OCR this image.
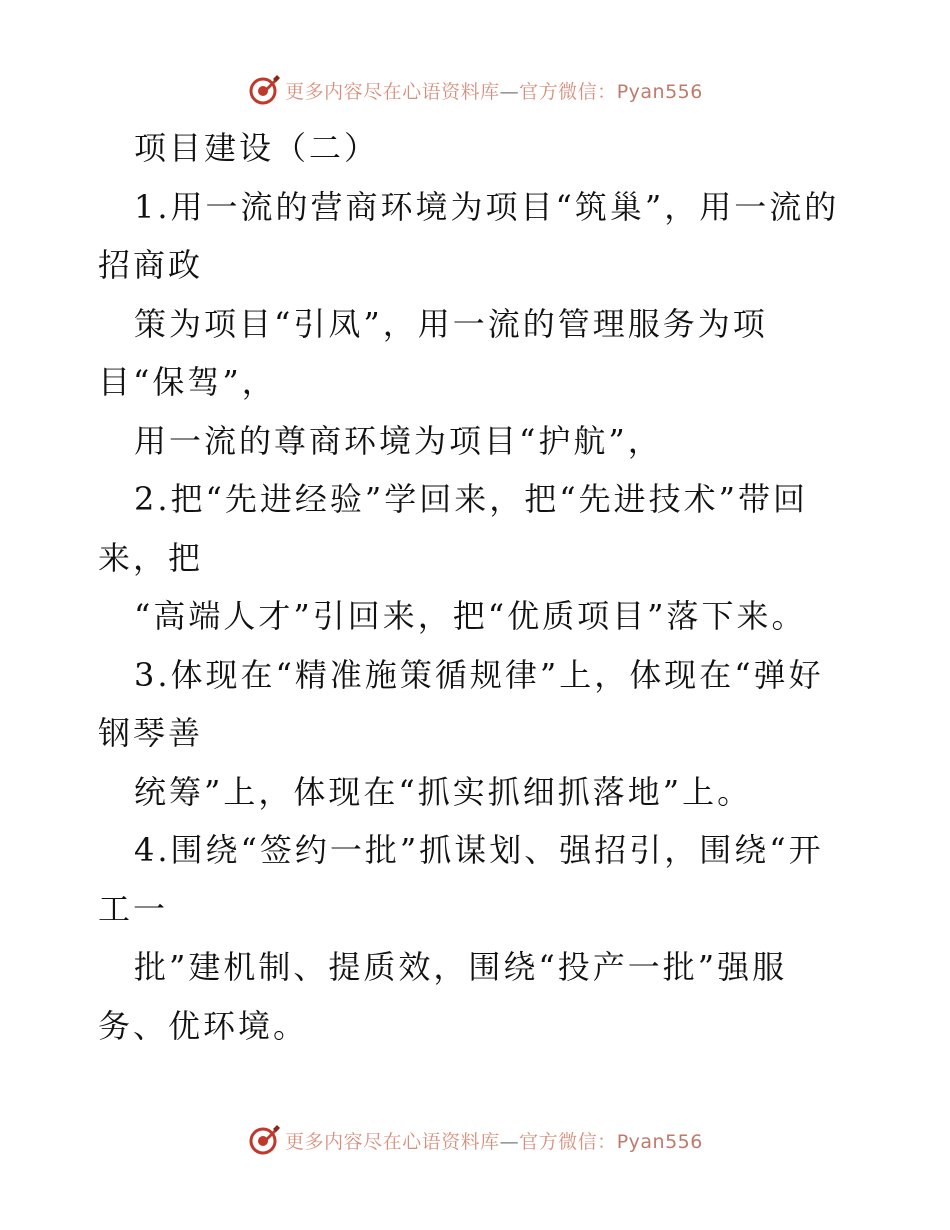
更多内容尽在心语资料库—官方微信：Pyan556
项目建设（二）
1.用一流的营商环境为项目“筑巢”，用一流的
招商政
策为项目“引凤”，用一流的管理服务为项
目“保驾”，
用一流的尊商环境为项目“护航”，
2.把“先进经验”学回来，把“先进技术”带回
来，把
“高端人才”引回来，把“优质项目”落下来。
3.体现在“精准施策循规律”上，体现在“弹好
钢琴善
统筹”上，体现在“抓实抓细抓落地”上。
4.围绕“签约一批”抓谋划、强招引，围绕“开
工一
批”建机制、提质效，围绕“投产一批”强服
务、优环境。
更多内容尽在心语资料库—官方微信：Pyan556
